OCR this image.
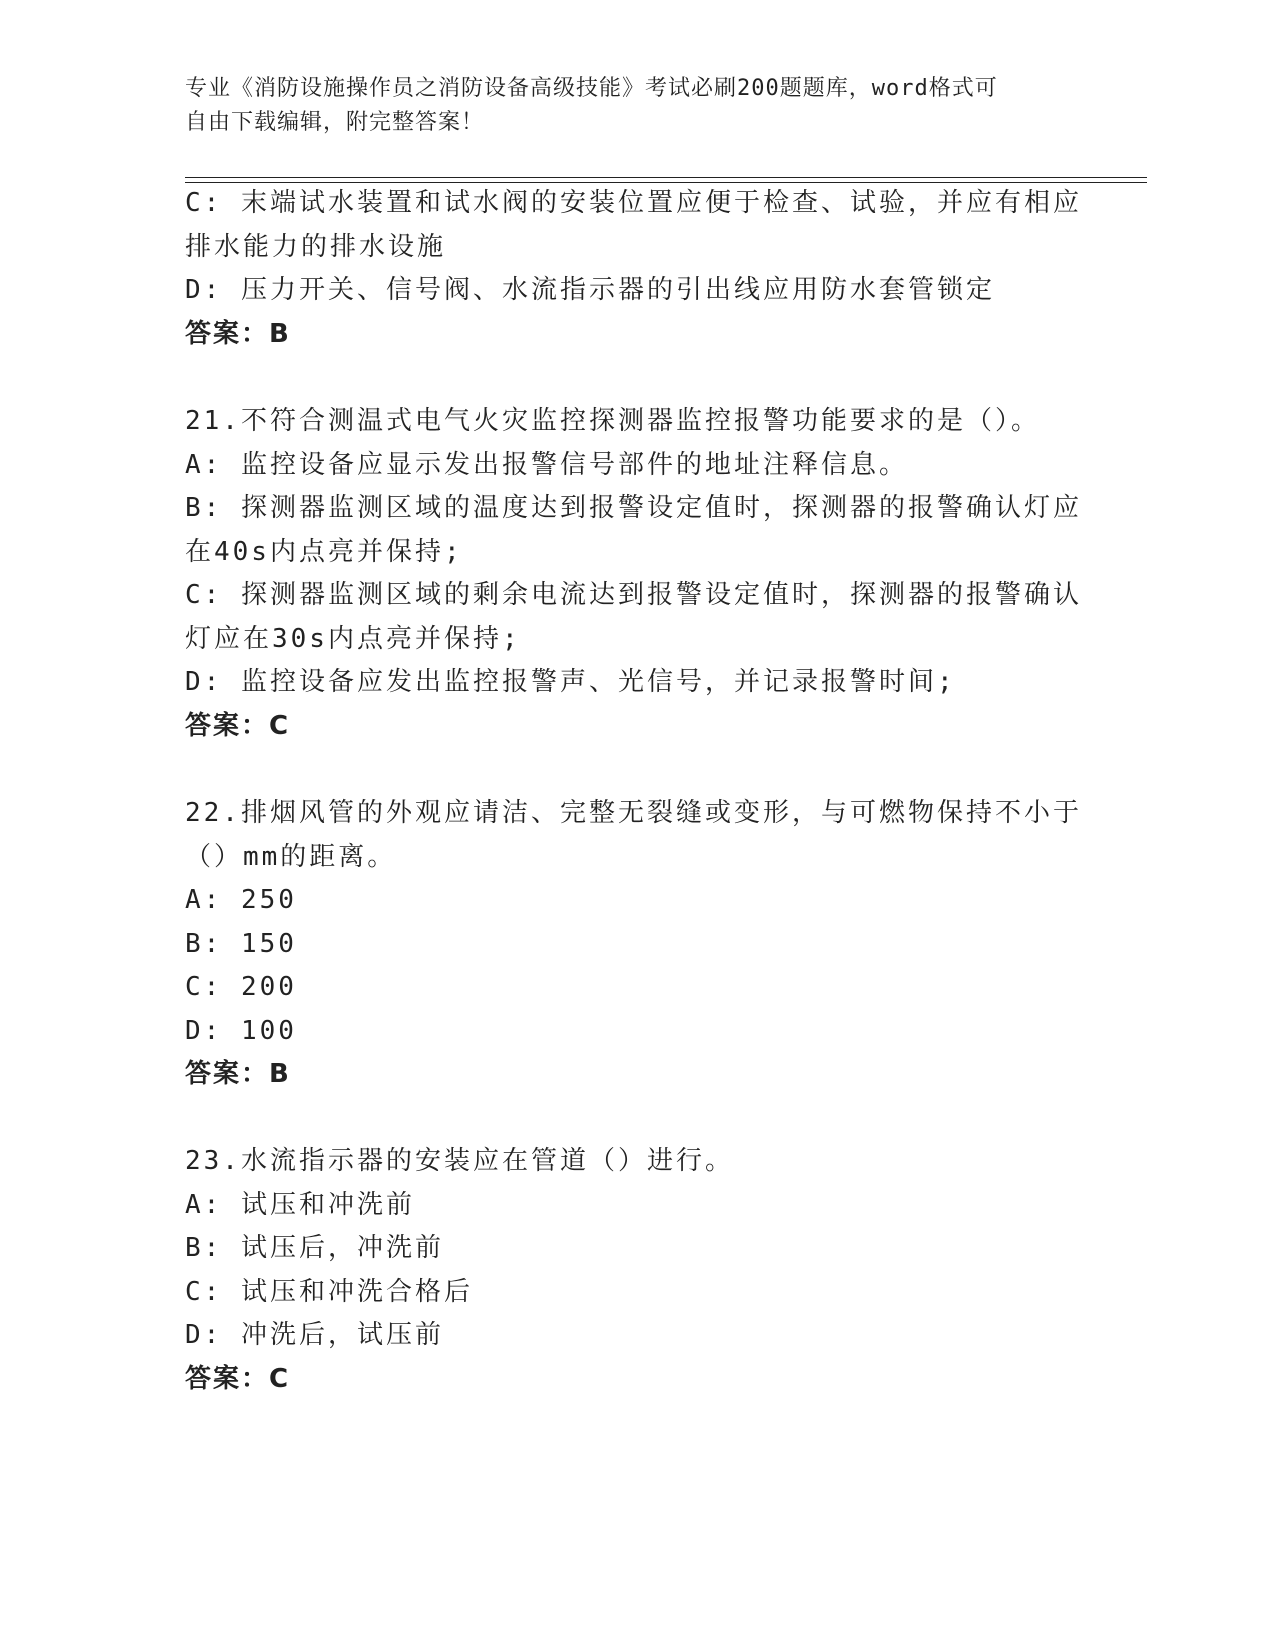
专业《消防设施操作员之消防设备高级技能》考试必刷200题题库，word格式可
自由下载编辑，附完整答案！
C: 末端试水装置和试水阀的安装位置应便于检查、试验，并应有相应
排水能力的排水设施
D: 压力开关、信号阀、水流指示器的引出线应用防水套管锁定
答案：B
21.不符合测温式电气火灾监控探测器监控报警功能要求的是（）。
A: 监控设备应显示发出报警信号部件的地址注释信息。
B: 探测器监测区域的温度达到报警设定值时，探测器的报警确认灯应
在40s内点亮并保持;
C: 探测器监测区域的剩余电流达到报警设定值时，探测器的报警确认
灯应在30s内点亮并保持;
D: 监控设备应发出监控报警声、光信号，并记录报警时间;
答案：C
22.排烟风管的外观应请洁、完整无裂缝或变形，与可燃物保持不小于
（）mm的距离。
A: 250
B: 150
C: 200
D: 100
答案：B
23.水流指示器的安装应在管道（）进行。
A: 试压和冲洗前
B: 试压后，冲洗前
C: 试压和冲洗合格后
D: 冲洗后，试压前
答案：C
